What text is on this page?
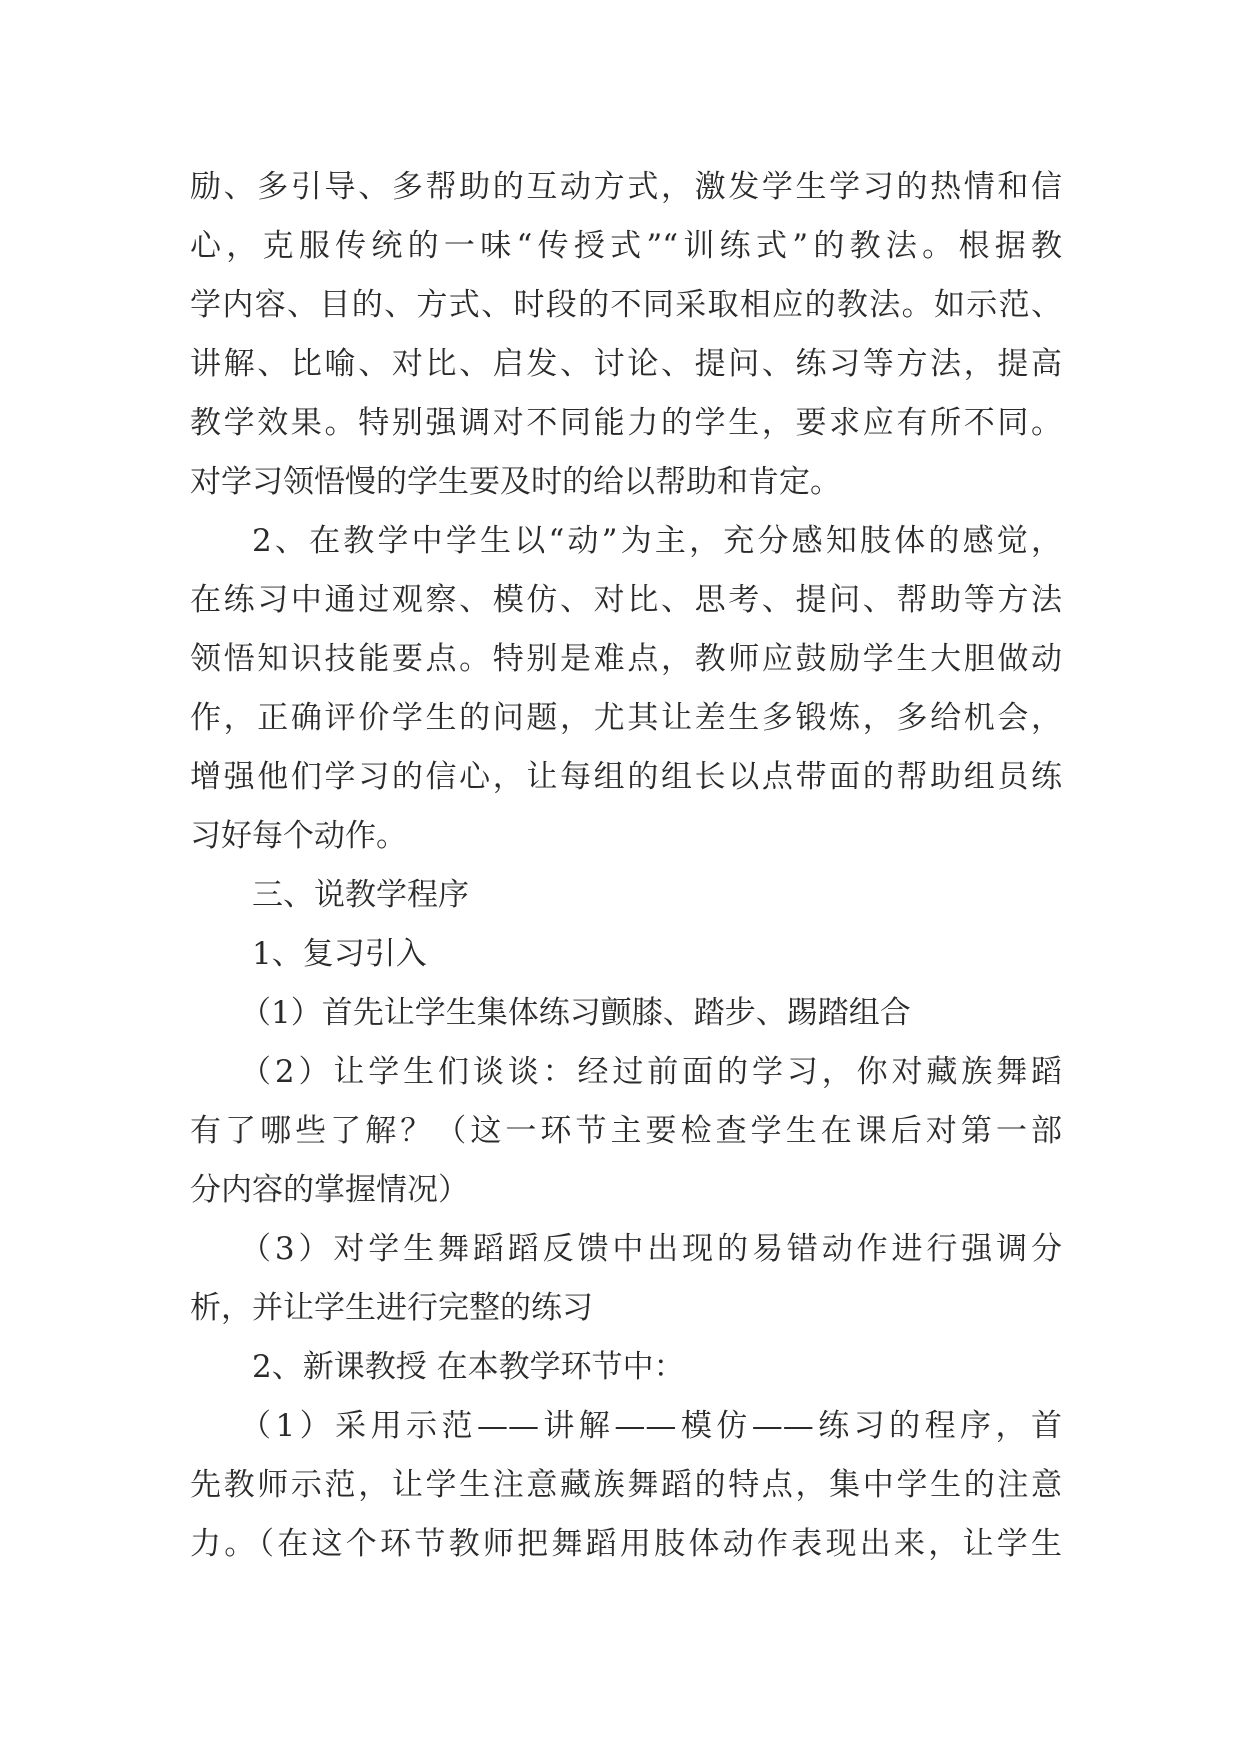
励、多引导、多帮助的互动方式，激发学生学习的热情和信
心，克服传统的一味“传授式”“训练式”的教法。根据教
学内容、目的、方式、时段的不同采取相应的教法。如示范、
讲解、比喻、对比、启发、讨论、提问、练习等方法，提高
教学效果。特别强调对不同能力的学生，要求应有所不同。
对学习领悟慢的学生要及时的给以帮助和肯定。
2、在教学中学生以“动”为主，充分感知肢体的感觉，
在练习中通过观察、模仿、对比、思考、提问、帮助等方法
领悟知识技能要点。特别是难点，教师应鼓励学生大胆做动
作，正确评价学生的问题，尤其让差生多锻炼，多给机会，
增强他们学习的信心，让每组的组长以点带面的帮助组员练
习好每个动作。
三、说教学程序
1、复习引入
（1）首先让学生集体练习颤膝、踏步、踢踏组合
（2）让学生们谈谈：经过前面的学习，你对藏族舞蹈
有了哪些了解？（这一环节主要检查学生在课后对第一部
分内容的掌握情况）
（3）对学生舞蹈蹈反馈中出现的易错动作进行强调分
析，并让学生进行完整的练习
2、新课教授 在本教学环节中：
（1）采用示范——讲解——模仿——练习的程序，首
先教师示范，让学生注意藏族舞蹈的特点，集中学生的注意
力。（在这个环节教师把舞蹈用肢体动作表现出来，让学生
